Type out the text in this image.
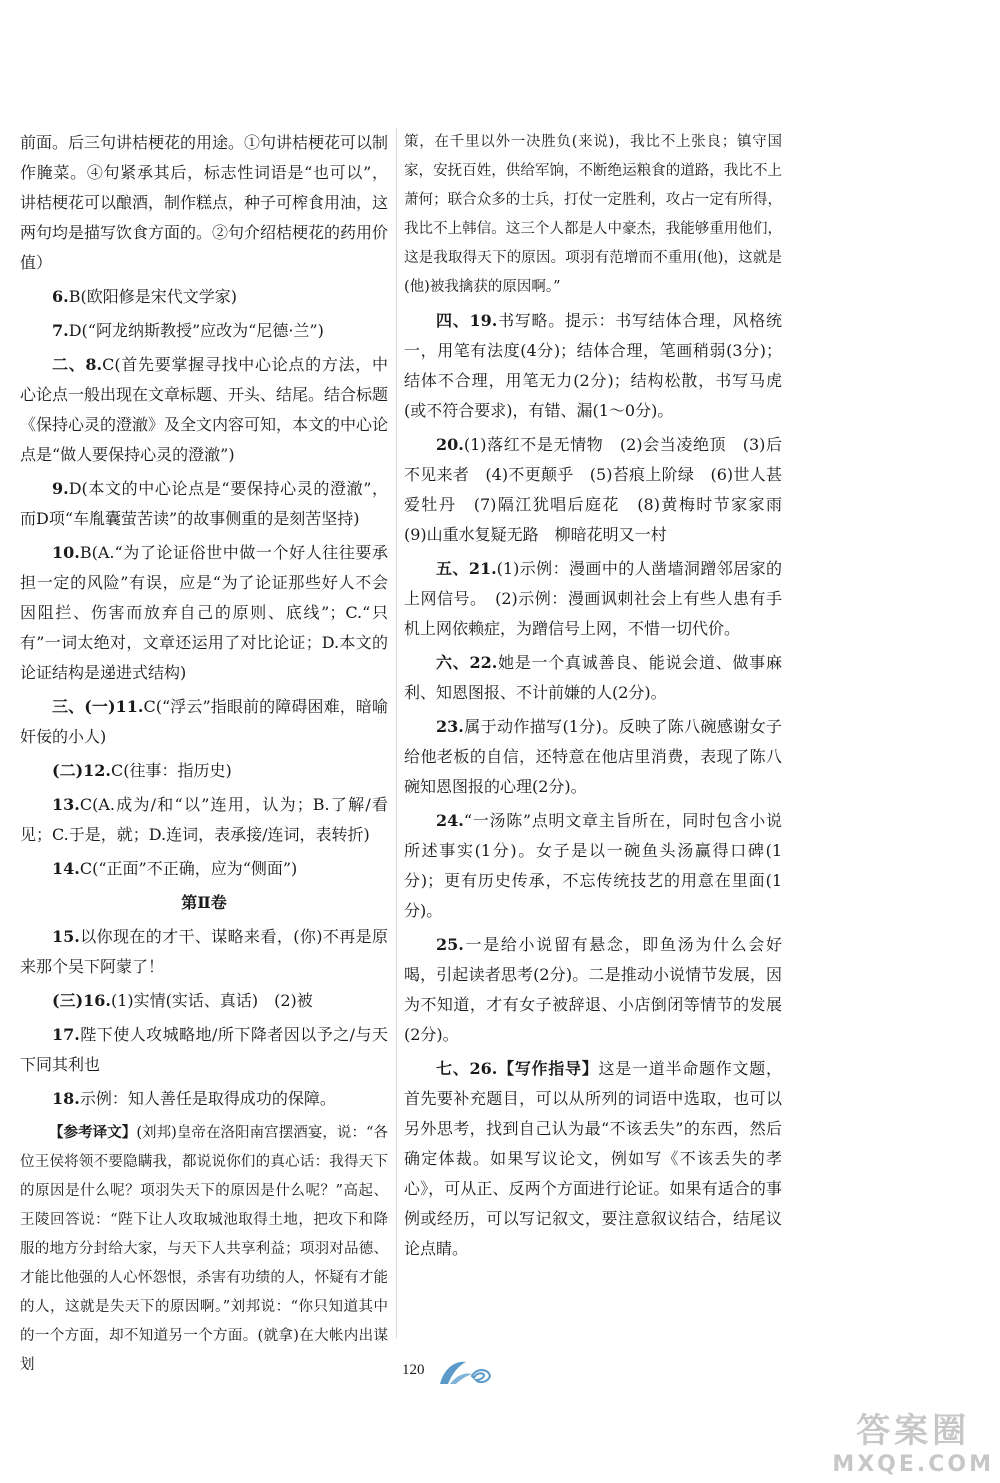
前面。后三句讲桔梗花的用途。①句讲桔梗花可以制作腌菜。④句紧承其后，标志性词语是“也可以”，讲桔梗花可以酿酒，制作糕点，种子可榨食用油，这两句均是描写饮食方面的。②句介绍桔梗花的药用价值）

6.B(欧阳修是宋代文学家)

7.D(“阿龙纳斯教授”应改为“尼德·兰”)

二、8.C(首先要掌握寻找中心论点的方法，中心论点一般出现在文章标题、开头、结尾。结合标题《保持心灵的澄澈》及全文内容可知，本文的中心论点是“做人要保持心灵的澄澈”)

9.D(本文的中心论点是“要保持心灵的澄澈”，而D项“车胤囊萤苦读”的故事侧重的是刻苦坚持)

10.B(A.“为了论证俗世中做一个好人往往要承担一定的风险”有误，应是“为了论证那些好人不会因阻拦、伤害而放弃自己的原则、底线”；C.“只有”一词太绝对，文章还运用了对比论证；D.本文的论证结构是递进式结构)

三、(一)11.C(“浮云”指眼前的障碍困难，暗喻奸佞的小人)

(二)12.C(往事：指历史)

13.C(A.成为/和“以”连用，认为；B.了解/看见；C.于是，就；D.连词，表承接/连词，表转折)

14.C(“正面”不正确，应为“侧面”)

第Ⅱ卷

15.以你现在的才干、谋略来看，(你)不再是原来那个吴下阿蒙了！

(三)16.(1)实情(实话、真话)　(2)被

17.陛下使人攻城略地/所下降者因以予之/与天下同其利也

18.示例：知人善任是取得成功的保障。

【参考译文】(刘邦)皇帝在洛阳南宫摆酒宴，说：“各位王侯将领不要隐瞒我，都说说你们的真心话：我得天下的原因是什么呢？项羽失天下的原因是什么呢？”高起、王陵回答说：“陛下让人攻取城池取得土地，把攻下和降服的地方分封给大家，与天下人共享利益；项羽对品德、才能比他强的人心怀怨恨，杀害有功绩的人，怀疑有才能的人，这就是失天下的原因啊。”刘邦说：“你只知道其中的一个方面，却不知道另一个方面。(就拿)在大帐内出谋划

策，在千里以外一决胜负(来说)，我比不上张良；镇守国家，安抚百姓，供给军饷，不断绝运粮食的道路，我比不上萧何；联合众多的士兵，打仗一定胜利，攻占一定有所得，我比不上韩信。这三个人都是人中豪杰，我能够重用他们，这是我取得天下的原因。项羽有范增而不重用(他)，这就是(他)被我擒获的原因啊。”

四、19.书写略。提示：书写结体合理，风格统一，用笔有法度(4分)；结体合理，笔画稍弱(3分)；结体不合理，用笔无力(2分)；结构松散，书写马虎(或不符合要求)，有错、漏(1～0分)。

20.(1)落红不是无情物　(2)会当凌绝顶　(3)后不见来者　(4)不更颠乎　(5)苔痕上阶绿　(6)世人甚爱牡丹　(7)隔江犹唱后庭花　(8)黄梅时节家家雨　(9)山重水复疑无路　柳暗花明又一村

五、21.(1)示例：漫画中的人凿墙洞蹭邻居家的上网信号。　(2)示例：漫画讽刺社会上有些人患有手机上网依赖症，为蹭信号上网，不惜一切代价。

六、22.她是一个真诚善良、能说会道、做事麻利、知恩图报、不计前嫌的人(2分)。

23.属于动作描写(1分)。反映了陈八碗感谢女子给他老板的自信，还特意在他店里消费，表现了陈八碗知恩图报的心理(2分)。

24.“一汤陈”点明文章主旨所在，同时包含小说所述事实(1分)。女子是以一碗鱼头汤赢得口碑(1分)；更有历史传承，不忘传统技艺的用意在里面(1分)。

25.一是给小说留有悬念，即鱼汤为什么会好喝，引起读者思考(2分)。二是推动小说情节发展，因为不知道，才有女子被辞退、小店倒闭等情节的发展(2分)。

七、26.【写作指导】这是一道半命题作文题，首先要补充题目，可以从所列的词语中选取，也可以另外思考，找到自己认为最“不该丢失”的东西，然后确定体裁。如果写议论文，例如写《不该丢失的孝心》，可从正、反两个方面进行论证。如果有适合的事例或经历，可以写记叙文，要注意叙议结合，结尾议论点睛。

120
答案圈
MXQE.COM
